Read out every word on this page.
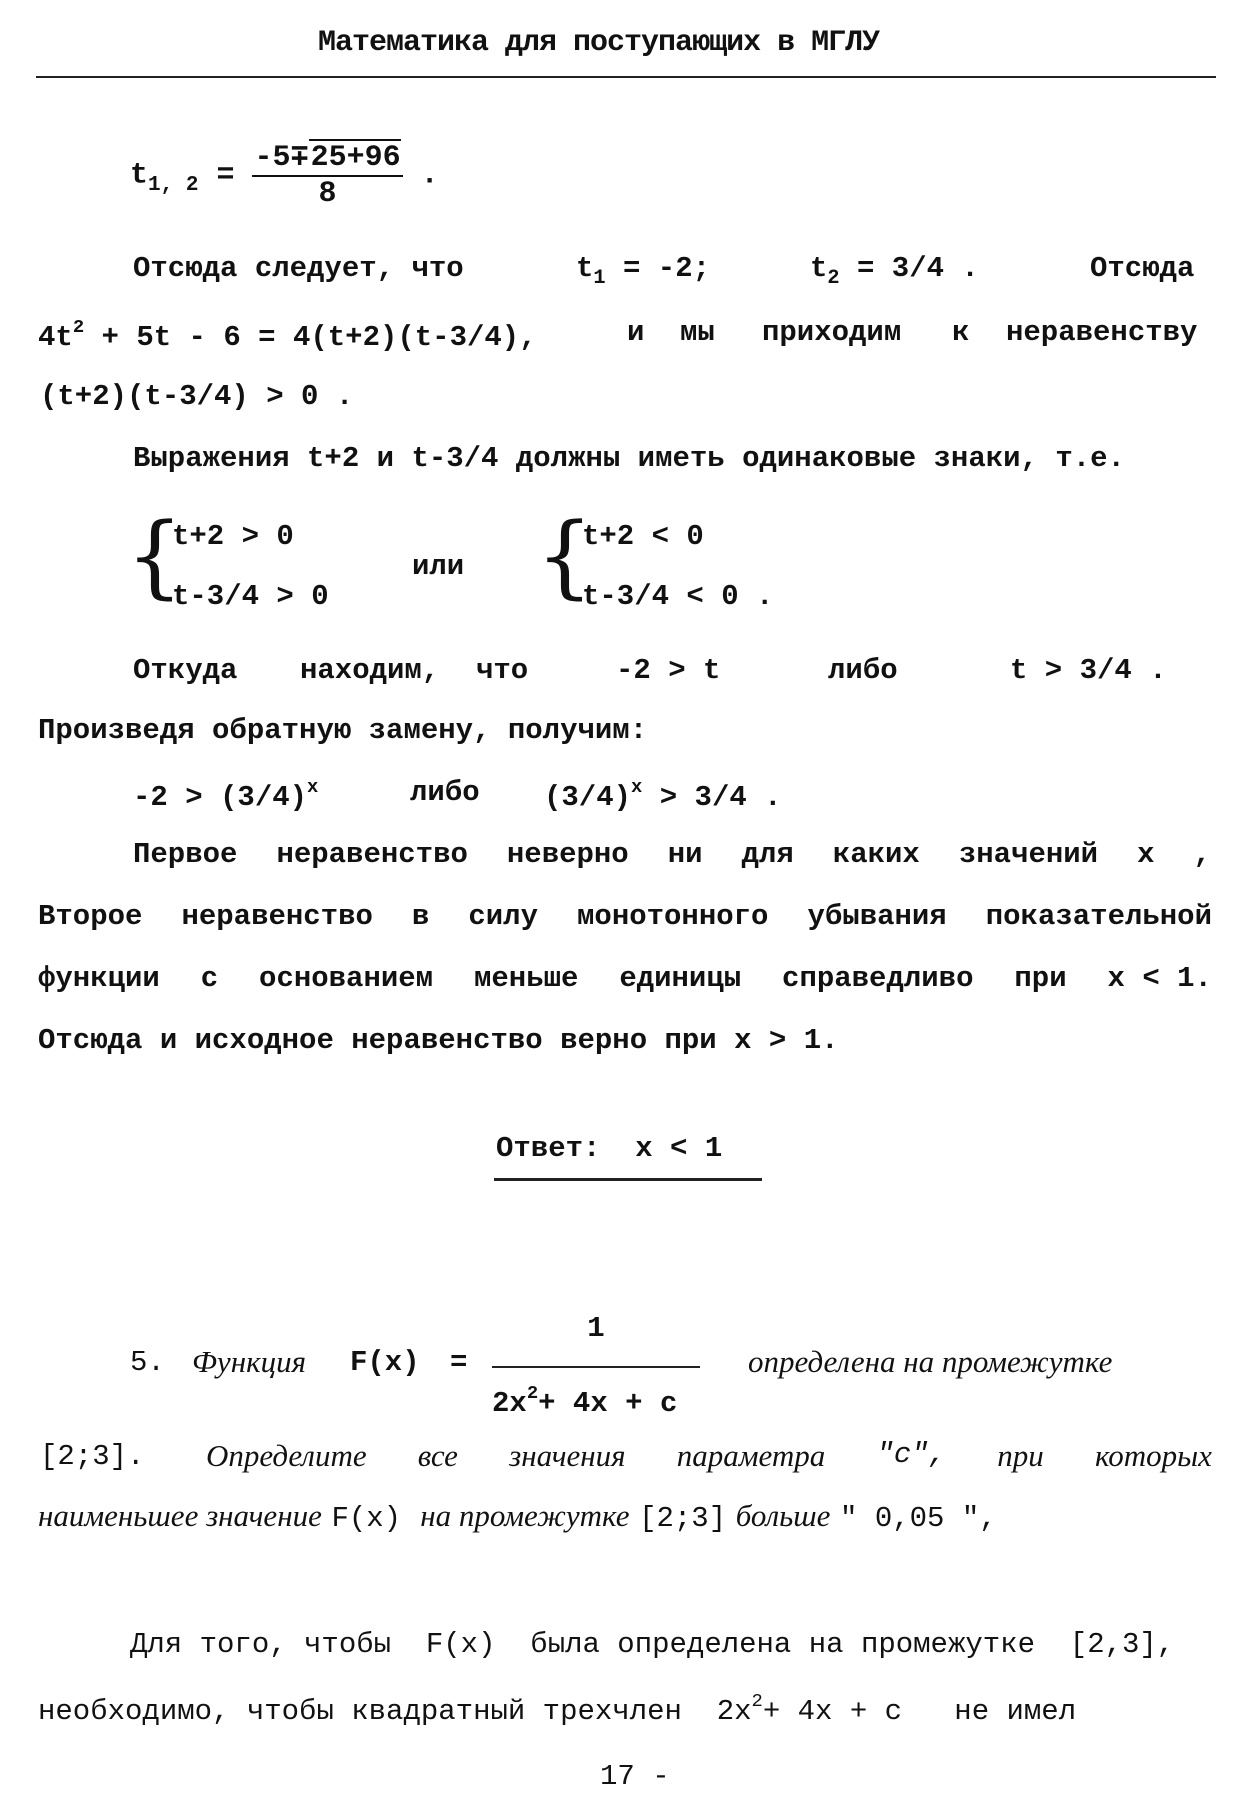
Математика для поступающих в МГЛУ
$t_{1, 2} = \frac{-5\mp 25+96}{8}$ .
Отсюда следует, что	$t_1 = -2$;	$t_2 = 3/4$ .	Отсюда
$4t^2 + 5t - 6 = 4(t+2)(t-3/4)$,	и мы приходим к неравенству
(t+2)(t-3/4) > 0 .
Выражения t+2 и t-3/4 должны иметь одинаковые знаки, т.е.
{
t+2 > 0
t-3/4 > 0
или {
t+2 < 0
t-3/4 < 0 .
Откуда находим, что	-2 > t	либо	t > 3/4 .
Произведя обратную замену, получим:
$-2 > (3/4)^x$	либо $(3/4)^x > 3/4$ .
Первое неравенство неверно ни для каких значений x ,
Второе неравенство в силу монотонного убывания показательной
функции с основанием меньше единицы справедливо при x < 1.
Отсюда и исходное неравенство верно при x > 1.
Ответ: x < 1
5. Функция F(x) =
1
$2x^2+ 4x + c$
определена на промежутке
[2;3]. Определите все значения параметра "c", при которых
наименьшее значение F(x) на промежутке [2;3] больше " 0,05 ",
Для того, чтобы F(x) была определена на промежутке [2,3],
необходимо, чтобы квадратный трехчлен $2x^2+ 4x + c$ не имел
17 -
